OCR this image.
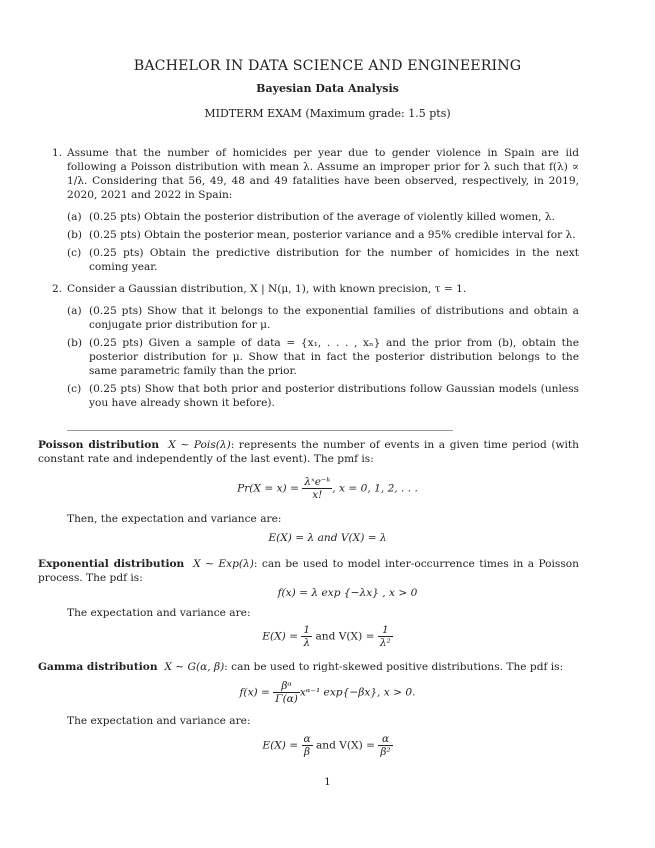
BACHELOR IN DATA SCIENCE AND ENGINEERING
Bayesian Data Analysis
MIDTERM EXAM (Maximum grade: 1.5 pts)
1. Assume that the number of homicides per year due to gender violence in Spain are iid following a Poisson distribution with mean λ. Assume an improper prior for λ such that f(λ) ∝ 1/λ. Considering that 56, 49, 48 and 49 fatalities have been observed, respectively, in 2019, 2020, 2021 and 2022 in Spain:
(a) (0.25 pts) Obtain the posterior distribution of the average of violently killed women, λ.
(b) (0.25 pts) Obtain the posterior mean, posterior variance and a 95% credible interval for λ.
(c) (0.25 pts) Obtain the predictive distribution for the number of homicides in the next coming year.
2. Consider a Gaussian distribution, X | N(μ, 1), with known precision, τ = 1.
(a) (0.25 pts) Show that it belongs to the exponential families of distributions and obtain a conjugate prior distribution for μ.
(b) (0.25 pts) Given a sample of data = {x₁, . . . , xₙ} and the prior from (b), obtain the posterior distribution for μ. Show that in fact the posterior distribution belongs to the same parametric family than the prior.
(c) (0.25 pts) Show that both prior and posterior distributions follow Gaussian models (unless you have already shown it before).
Poisson distribution X ∼ Pois(λ): represents the number of events in a given time period (with constant rate and independently of the last event). The pmf is:
$Pr(X = x) = \frac{\text{λˣe⁻ᵏ}}{x!}$ , x = 0, 1, 2, . . .
Then, the expectation and variance are:
E(X) = λ and V(X) = λ
Exponential distribution X ∼ Exp(λ): can be used to model inter-occurrence times in a Poisson process. The pdf is:
f(x) = λ exp {−λx} , x > 0
The expectation and variance are:
$E(X) = \frac{1}{\lambda}$ and $V(X) = \frac{1}{\text{λ²}}$
Gamma distribution X ∼ G(α, β): can be used to right-skewed positive distributions. The pdf is:
$f(x) = \frac{\text{βᵅ}}{\Gamma(\alpha)}$ xᵅ⁻¹ exp{−βx}, x > 0.
The expectation and variance are:
$E(X) = \frac{\alpha}{\beta}$ and $V(X) = \frac{\alpha}{\text{β²}}$
1
